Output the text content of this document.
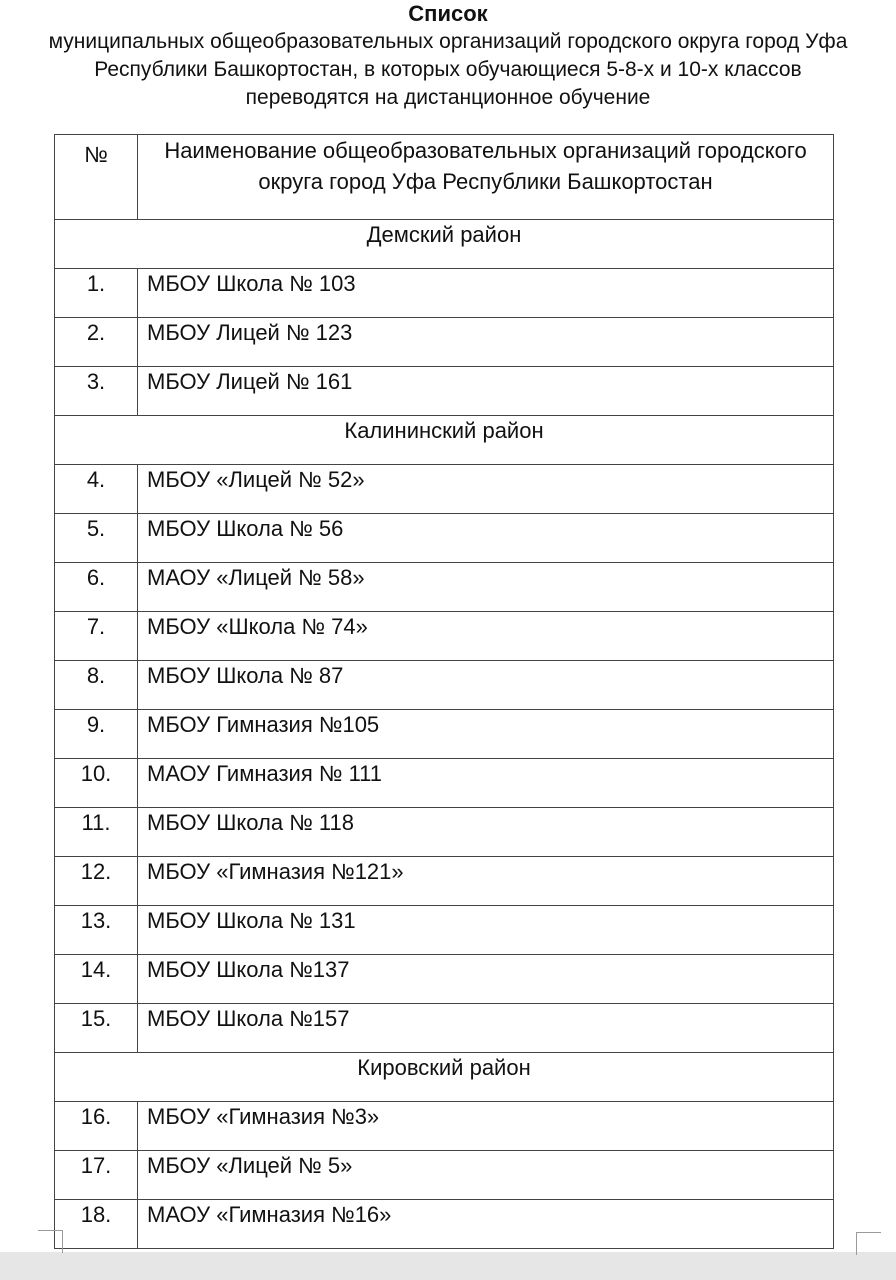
Список
муниципальных общеобразовательных организаций городского округа город Уфа Республики Башкортостан, в которых обучающиеся 5-8-х и 10-х классов переводятся на дистанционное обучение
№	Наименование общеобразовательных организаций городского округа город Уфа Республики Башкортостан
Демский район	
1.	МБОУ Школа № 103
2.	МБОУ Лицей № 123
3.	МБОУ Лицей № 161
Калининский район	
4.	МБОУ «Лицей № 52»
5.	МБОУ Школа № 56
6.	МАОУ «Лицей № 58»
7.	МБОУ «Школа № 74»
8.	МБОУ Школа № 87
9.	МБОУ Гимназия №105
10.	МАОУ Гимназия № 111
11.	МБОУ Школа № 118
12.	МБОУ «Гимназия №121»
13.	МБОУ Школа № 131
14.	МБОУ Школа №137
15.	МБОУ Школа №157
Кировский район	
16.	МБОУ «Гимназия №3»
17.	МБОУ «Лицей № 5»
18.	МАОУ «Гимназия №16»
